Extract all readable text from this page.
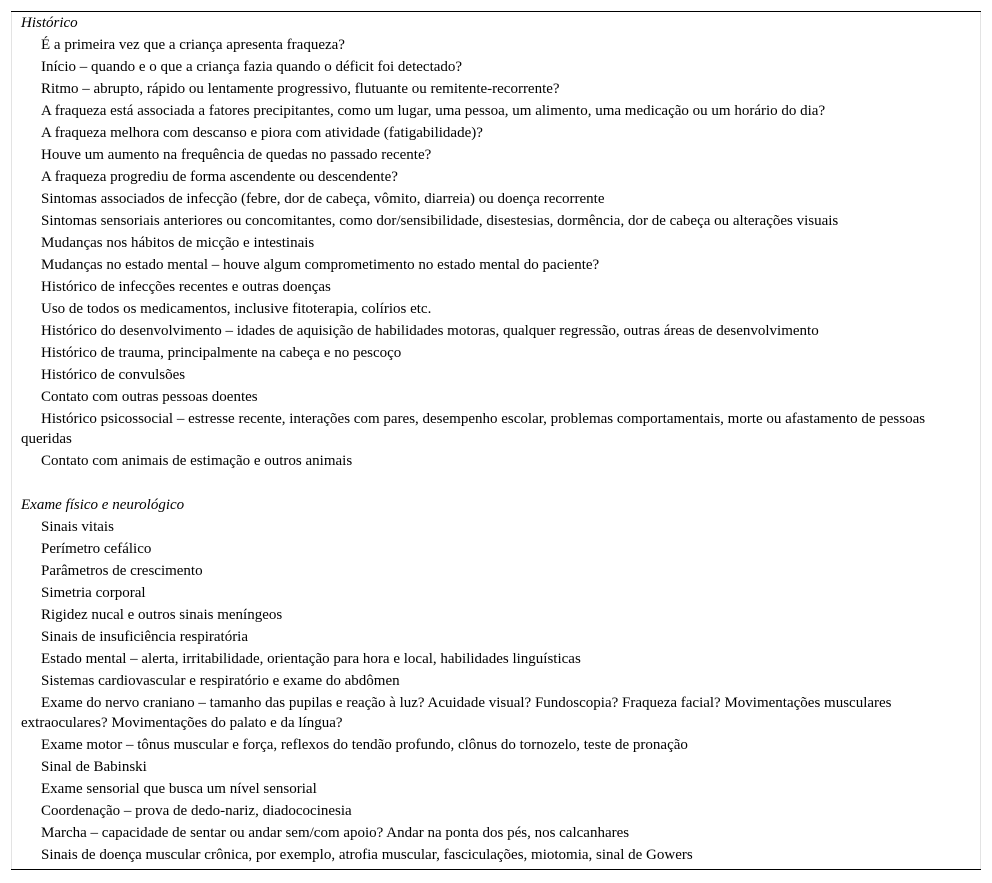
Histórico
É a primeira vez que a criança apresenta fraqueza?
Início – quando e o que a criança fazia quando o déficit foi detectado?
Ritmo – abrupto, rápido ou lentamente progressivo, flutuante ou remitente-recorrente?
A fraqueza está associada a fatores precipitantes, como um lugar, uma pessoa, um alimento, uma medicação ou um horário do dia?
A fraqueza melhora com descanso e piora com atividade (fatigabilidade)?
Houve um aumento na frequência de quedas no passado recente?
A fraqueza progrediu de forma ascendente ou descendente?
Sintomas associados de infecção (febre, dor de cabeça, vômito, diarreia) ou doença recorrente
Sintomas sensoriais anteriores ou concomitantes, como dor/sensibilidade, disestesias, dormência, dor de cabeça ou alterações visuais
Mudanças nos hábitos de micção e intestinais
Mudanças no estado mental – houve algum comprometimento no estado mental do paciente?
Histórico de infecções recentes e outras doenças
Uso de todos os medicamentos, inclusive fitoterapia, colírios etc.
Histórico do desenvolvimento – idades de aquisição de habilidades motoras, qualquer regressão, outras áreas de desenvolvimento
Histórico de trauma, principalmente na cabeça e no pescoço
Histórico de convulsões
Contato com outras pessoas doentes
Histórico psicossocial – estresse recente, interações com pares, desempenho escolar, problemas comportamentais, morte ou afastamento de pessoas queridas
Contato com animais de estimação e outros animais
Exame físico e neurológico
Sinais vitais
Perímetro cefálico
Parâmetros de crescimento
Simetria corporal
Rigidez nucal e outros sinais meníngeos
Sinais de insuficiência respiratória
Estado mental – alerta, irritabilidade, orientação para hora e local, habilidades linguísticas
Sistemas cardiovascular e respiratório e exame do abdômen
Exame do nervo craniano – tamanho das pupilas e reação à luz? Acuidade visual? Fundoscopia? Fraqueza facial? Movimentações musculares extraoculares? Movimentações do palato e da língua?
Exame motor – tônus muscular e força, reflexos do tendão profundo, clônus do tornozelo, teste de pronação
Sinal de Babinski
Exame sensorial que busca um nível sensorial
Coordenação – prova de dedo-nariz, diadococinesia
Marcha – capacidade de sentar ou andar sem/com apoio? Andar na ponta dos pés, nos calcanhares
Sinais de doença muscular crônica, por exemplo, atrofia muscular, fasciculações, miotomia, sinal de Gowers
